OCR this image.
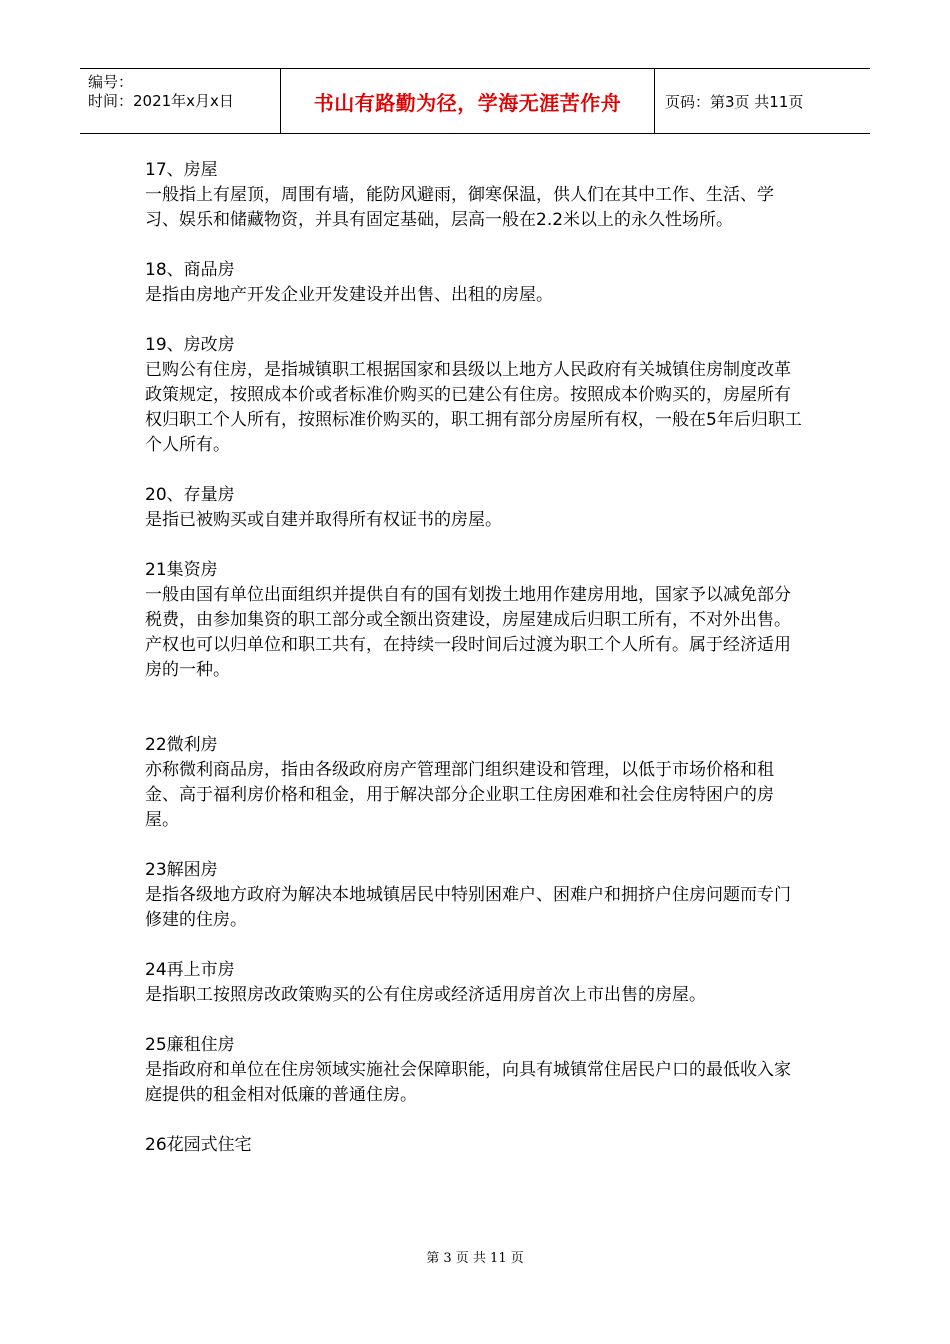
编号：
时间：2021年x月x日	书山有路勤为径，学海无涯苦作舟	页码：第3页 共11页
17、房屋
一般指上有屋顶，周围有墙，能防风避雨，御寒保温，供人们在其中工作、生活、学习、娱乐和储藏物资，并具有固定基础，层高一般在2.2米以上的永久性场所。
18、商品房
是指由房地产开发企业开发建设并出售、出租的房屋。
19、房改房
已购公有住房，是指城镇职工根据国家和县级以上地方人民政府有关城镇住房制度改革政策规定，按照成本价或者标准价购买的已建公有住房。按照成本价购买的，房屋所有权归职工个人所有，按照标准价购买的，职工拥有部分房屋所有权，一般在5年后归职工个人所有。
20、存量房
是指已被购买或自建并取得所有权证书的房屋。
21集资房
一般由国有单位出面组织并提供自有的国有划拨土地用作建房用地，国家予以减免部分税费，由参加集资的职工部分或全额出资建设，房屋建成后归职工所有，不对外出售。产权也可以归单位和职工共有，在持续一段时间后过渡为职工个人所有。属于经济适用房的一种。
22微利房
亦称微利商品房，指由各级政府房产管理部门组织建设和管理，以低于市场价格和租金、高于福利房价格和租金，用于解决部分企业职工住房困难和社会住房特困户的房屋。
23解困房
是指各级地方政府为解决本地城镇居民中特别困难户、困难户和拥挤户住房问题而专门修建的住房。
24再上市房
是指职工按照房改政策购买的公有住房或经济适用房首次上市出售的房屋。
25廉租住房
是指政府和单位在住房领域实施社会保障职能，向具有城镇常住居民户口的最低收入家庭提供的租金相对低廉的普通住房。
26花园式住宅
第 3 页 共 11 页
